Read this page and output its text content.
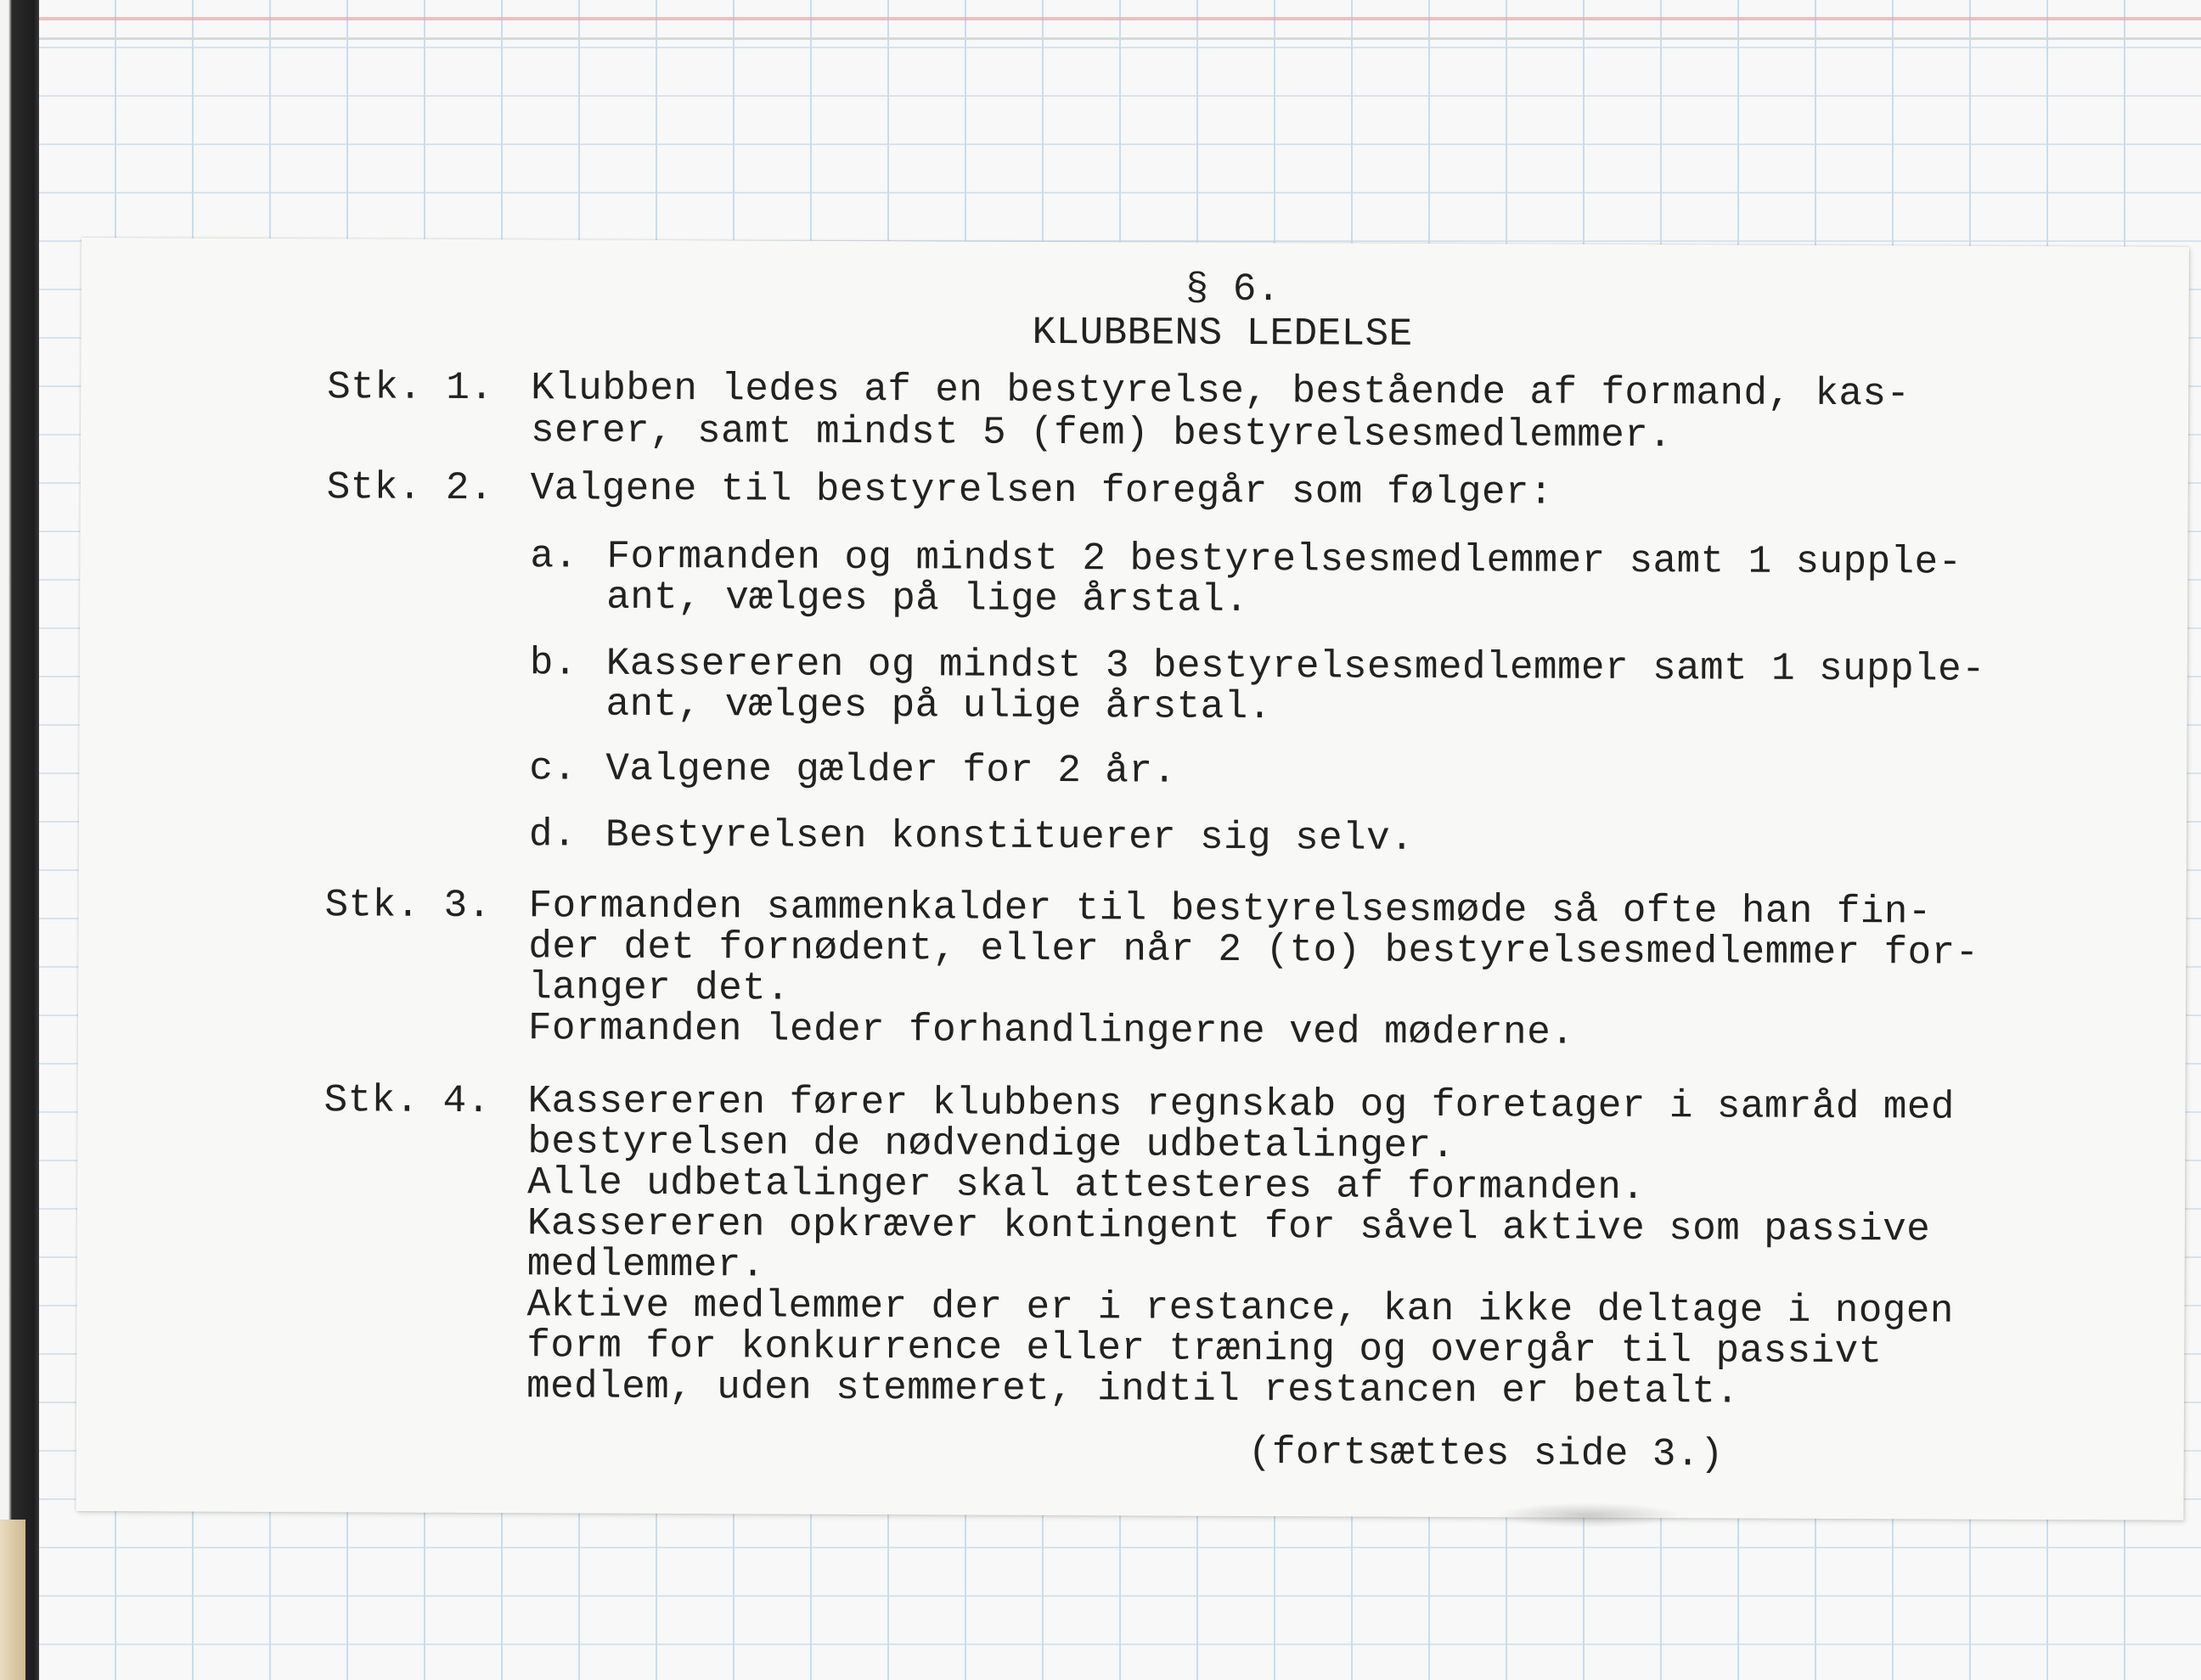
§ 6.
KLUBBENS LEDELSE
Stk. 1. Klubben ledes af en bestyrelse, bestående af formand, kas-
serer, samt mindst 5 (fem) bestyrelsesmedlemmer.
Stk. 2. Valgene til bestyrelsen foregår som følger:
a. Formanden og mindst 2 bestyrelsesmedlemmer samt 1 supple-
ant, vælges på lige årstal.
b. Kassereren og mindst 3 bestyrelsesmedlemmer samt 1 supple-
ant, vælges på ulige årstal.
c. Valgene gælder for 2 år.
d. Bestyrelsen konstituerer sig selv.
Stk. 3. Formanden sammenkalder til bestyrelsesmøde så ofte han fin-
der det fornødent, eller når 2 (to) bestyrelsesmedlemmer for-
langer det.
Formanden leder forhandlingerne ved møderne.
Stk. 4. Kassereren fører klubbens regnskab og foretager i samråd med
bestyrelsen de nødvendige udbetalinger.
Alle udbetalinger skal attesteres af formanden.
Kassereren opkræver kontingent for såvel aktive som passive
medlemmer.
Aktive medlemmer der er i restance, kan ikke deltage i nogen
form for konkurrence eller træning og overgår til passivt
medlem, uden stemmeret, indtil restancen er betalt.
(fortsættes side 3.)
